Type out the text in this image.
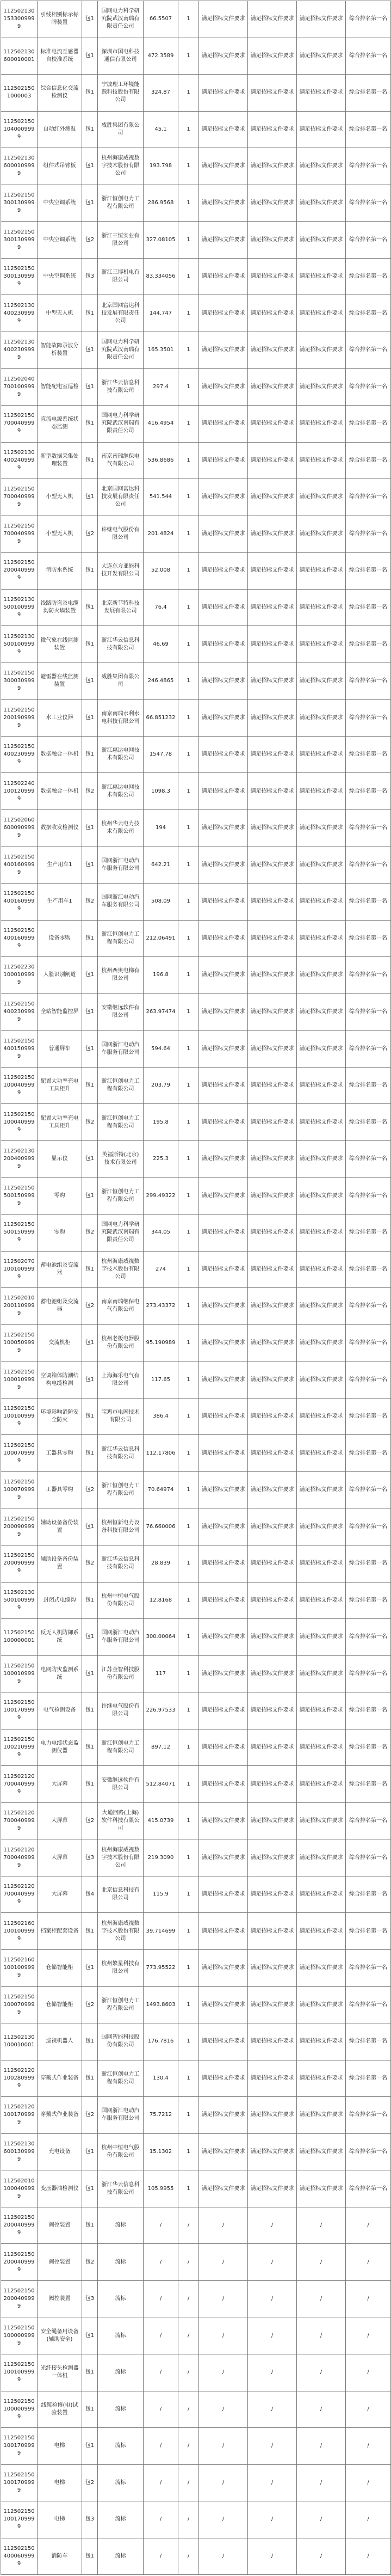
11250213015330​09999	引线相别标示标牌装置	包1	国网电力科学研究院武汉南瑞有限责任公司	66.5507	1	满足招标文件要求	满足招标文件要求	满足招标文件要求	综合排名第一名
11250213060001​0001	标准电流互感器自校准系统	包1	深圳市国电科技通信有限公司	472.3589	1	满足招标文件要求	满足招标文件要求	满足招标文件要求	综合排名第一名
11250215010000​03	综合信息化交流检测仪	包1	宁波理工环境能源科技股份有限公司	324.87	1	满足招标文件要求	满足招标文件要求	满足招标文件要求	综合排名第一名
11250215010400​09999	自动红外测温	包1	威胜集团有限公司	45.1	1	满足招标文件要求	满足招标文件要求	满足招标文件要求	综合排名第一名
11250213060001​09999	组件式吊臂板	包1	杭州海康威视数字技术股份有限公司	193.798	1	满足招标文件要求	满足招标文件要求	满足招标文件要求	综合排名第一名
11250215030013​09999	中央空调系统	包1	浙江恒创电力工程有限公司	286.9568	1	满足招标文件要求	满足招标文件要求	满足招标文件要求	综合排名第一名
11250215030013​09999	中央空调系统	包2	浙江三恒实业有限公司	327.08105	1	满足招标文件要求	满足招标文件要求	满足招标文件要求	综合排名第一名
11250215030013​09999	中央空调系统	包3	浙江三博机电有限公司	83.334056	1	满足招标文件要求	满足招标文件要求	满足招标文件要求	综合排名第一名
11250213040023​09999	中型无人机	包1	北京国网富达科技发展有限责任公司	144.747	1	满足招标文件要求	满足招标文件要求	满足招标文件要求	综合排名第一名
11250213040023​09999	智能故障录波分析装置	包1	国网电力科学研究院武汉南瑞有限责任公司	165.3501	1	满足招标文件要求	满足招标文件要求	满足招标文件要求	综合排名第一名
11250204070010​09999	智能配电室巡检	包1	浙江华云信息科技有限公司	297.4	1	满足招标文件要求	满足招标文件要求	满足招标文件要求	综合排名第一名
11250215070004​09999	直流电源系统状态监测	包1	国网电力科学研究院武汉南瑞有限责任公司	416.4954	1	满足招标文件要求	满足招标文件要求	满足招标文件要求	综合排名第一名
11250213040024​09999	新型数据采集处理装置	包1	南京南瑞继保电气有限公司	536.8686	1	满足招标文件要求	满足招标文件要求	满足招标文件要求	综合排名第一名
11250215070004​09999	小型无人机	包1	北京国网富达科技发展有限责任公司	541.544	1	满足招标文件要求	满足招标文件要求	满足招标文件要求	综合排名第一名
11250215070004​09999	小型无人机	包2	许继电气股份有限公司	201.4824	1	满足招标文件要求	满足招标文件要求	满足招标文件要求	综合排名第一名
11250215020004​09999	消防水系统	包1	大连东方亚能科技开发有限公司	52.008	1	满足招标文件要求	满足招标文件要求	满足招标文件要求	综合排名第一名
11250213050010​09999	线路防盗及电缆沟防火墙装置	包1	北京新菲特科技发展有限公司	76.4	1	满足招标文件要求	满足招标文件要求	满足招标文件要求	综合排名第一名
11250213050010​09999	微气象在线监测装置	包1	浙江华云信息科技有限公司	46.69	1	满足招标文件要求	满足招标文件要求	满足招标文件要求	综合排名第一名
11250215030003​09999	避雷器在线监测装置	包1	威胜集团有限公司	246.4865	1	满足招标文件要求	满足招标文件要求	满足招标文件要求	综合排名第一名
11250215020019​09999	水工业仪器	包1	南京南瑞水利水电科技有限公司	66.851232	1	满足招标文件要求	满足招标文件要求	满足招标文件要求	综合排名第一名
11250215040023​09999	数据融合一体机	包1	浙江惠达电网技术有限公司	1547.78	1	满足招标文件要求	满足招标文件要求	满足招标文件要求	综合排名第一名
11250224010012​09999	数据融合一体机	包2	浙江惠达电网技术有限公司	1098.3	1	满足招标文件要求	满足招标文件要求	满足招标文件要求	综合排名第一名
11250206060009​09999	数据收发检测仪	包1	杭州华云电力技术有限公司	194	1	满足招标文件要求	满足招标文件要求	满足招标文件要求	综合排名第一名
11250215040016​09999	生产用车1	包1	国网浙江电动汽车服务有限公司	642.21	1	满足招标文件要求	满足招标文件要求	满足招标文件要求	综合排名第一名
11250215040016​09999	生产用车1	包2	国网浙江电动汽车服务有限公司	508.09	1	满足招标文件要求	满足招标文件要求	满足招标文件要求	综合排名第一名
11250215040016​09999	设备零购	包1	浙江恒创电力工程有限公司	212.06491	1	满足招标文件要求	满足招标文件要求	满足招标文件要求	综合排名第一名
11250223010001​09999	人脸识别闸道	包1	杭州西奥电梯有限公司	196.8	1	满足招标文件要求	满足招标文件要求	满足招标文件要求	综合排名第一名
11250215040023​09999	全站智能监控屏	包1	安徽继远软件有限公司	263.97474	1	满足招标文件要求	满足招标文件要求	满足招标文件要求	综合排名第一名
11250215040015​09999	普通屏车	包1	国网浙江电动汽车服务有限公司	594.64	1	满足招标文件要求	满足招标文件要求	满足招标文件要求	综合排名第一名
11250215010004​09999	配置大功率充电工具柜升	包1	浙江恒创电力工程有限公司	203.79	1	满足招标文件要求	满足招标文件要求	满足招标文件要求	综合排名第一名
11250215010004​09999	配置大功率充电工具柜升	包2	浙江恒创电力工程有限公司	195.8	1	满足招标文件要求	满足招标文件要求	满足招标文件要求	综合排名第一名
11250213020040​09999	显示仪	包1	英福斯特(北京)技术有限公司	225.3	1	满足招标文件要求	满足招标文件要求	满足招标文件要求	综合排名第一名
11250215050015​09999	零购	包1	浙江恒创电力工程有限公司	299.49322	1	满足招标文件要求	满足招标文件要求	满足招标文件要求	综合排名第一名
11250215050015​09999	零购	包2	国网电力科学研究院武汉南瑞有限责任公司	344.05	1	满足招标文件要求	满足招标文件要求	满足招标文件要求	综合排名第一名
11250207010010​09999	蓄电池组及变流器	包1	杭州海康威视数字技术股份有限公司	274	1	满足招标文件要求	满足招标文件要求	满足招标文件要求	综合排名第一名
11250201020011​09999	蓄电池组及变流器	包2	南京南瑞继保电气有限公司	273.43372	1	满足招标文件要求	满足招标文件要求	满足招标文件要求	综合排名第一名
11250215010005​09999	交流机柜	包1	杭州老板电器股份有限公司	95.190989	1	满足招标文件要求	满足招标文件要求	满足招标文件要求	综合排名第一名
11250215010001​09999	空调箱体防潮结构电缆检测	包1	上海海乐电气有限公司	117.65	1	满足招标文件要求	满足招标文件要求	满足招标文件要求	综合排名第一名
11250215010010​09999	环境影响消防安全防火	包1	宝鸡市电网技术有限公司	386.4	1	满足招标文件要求	满足招标文件要求	满足招标文件要求	综合排名第一名
11250215010007​09999	工器具零购	包1	浙江华云信息科技有限公司	112.17806	1	满足招标文件要求	满足招标文件要求	满足招标文件要求	综合排名第一名
11250215010007​09999	工器具零购	包2	浙江恒创电力工程有限公司	70.64974	1	满足招标文件要求	满足招标文件要求	满足招标文件要求	综合排名第一名
11250215020009​09999	辅助设备备份装置	包1	杭州恒新电力设备科技有限公司	76.660006	1	满足招标文件要求	满足招标文件要求	满足招标文件要求	综合排名第一名
11250215020009​09999	辅助设备备份装置	包2	浙江华云信息科技有限公司	28.839	1	满足招标文件要求	满足招标文件要求	满足招标文件要求	综合排名第一名
11250213050010​09999	封闭式电缆沟	包1	杭州中恒电气股份有限公司	12.8168	1	满足招标文件要求	满足招标文件要求	满足招标文件要求	综合排名第一名
11250215010000​0001	反无人机防御系统	包1	国网浙江电动汽车服务有限公司	300.00064	1	满足招标文件要求	满足招标文件要求	满足招标文件要求	综合排名第一名
11250215010001​09999	电网防灾监测系统	包1	江苏金智科技股份有限公司	117	1	满足招标文件要求	满足招标文件要求	满足招标文件要求	综合排名第一名
11250215010017​09999	电气检测设备	包1	许继电气股份有限公司	226.97533	1	满足招标文件要求	满足招标文件要求	满足招标文件要求	综合排名第一名
11250215010021​09999	电力电缆状态监测仪器	包1	浙江恒创电力工程有限公司	897.12	1	满足招标文件要求	满足招标文件要求	满足招标文件要求	综合排名第一名
11250212070004​09999	大屏幕	包1	安徽继远软件有限公司	512.84071	1	满足招标文件要求	满足招标文件要求	满足招标文件要求	综合排名第一名
11250212070004​09999	大屏幕	包2	大通回路(上海)软件科技有限公司	415.0739	1	满足招标文件要求	满足招标文件要求	满足招标文件要求	综合排名第一名
11250212070004​09999	大屏幕	包3	杭州海康威视数字技术股份有限公司	219.3090	1	满足招标文件要求	满足招标文件要求	满足招标文件要求	综合排名第一名
11250212070004​09999	大屏幕	包4	北京信息科技有限公司	115.9	1	满足招标文件要求	满足招标文件要求	满足招标文件要求	综合排名第一名
11250216010010​09999	档案柜配套设备	包1	杭州海康威视数字技术股份有限公司	39.714699	1	满足招标文件要求	满足招标文件要求	满足招标文件要求	综合排名第一名
11250216010010​09999	仓储智能柜	包1	杭州繁星科技有限公司	773.95522	1	满足招标文件要求	满足招标文件要求	满足招标文件要求	综合排名第一名
11250215010007​09999	仓储智能柜	包2	浙江恒创电力工程有限公司	1493.8603	1	满足招标文件要求	满足招标文件要求	满足招标文件要求	综合排名第一名
11250213010001​0001	巡视机器人	包1	国网智能科技股份有限公司	176.7816	1	满足招标文件要求	满足招标文件要求	满足招标文件要求	综合排名第一名
11250212010028​09999	穿戴式作业装备	包1	浙江恒创电力工程有限公司	130.4	1	满足招标文件要求	满足招标文件要求	满足招标文件要求	综合排名第一名
11250212010017​09999	穿戴式作业装备	包2	国网浙江电动汽车服务有限公司	75.7212	1	满足招标文件要求	满足招标文件要求	满足招标文件要求	综合排名第一名
11250213060013​09999	充电设备	包1	杭州中恒电气股份有限公司	15.1302	1	满足招标文件要求	满足招标文件要求	满足招标文件要求	综合排名第一名
11250201010004​09999	变压器油检测仪	包1	浙江华云信息科技有限公司	105.9955	1	满足招标文件要求	满足招标文件要求	满足招标文件要求	综合排名第一名
11250215020004​09999	阀控装置	包1	流标	/	/	/	/	/	/
11250215020004​09999	阀控装置	包2	流标	/	/	/	/	/	/
11250215020004​09999	阀控装置	包3	流标	/	/	/	/	/	/
11250215010000​09999	安全绳备用设备(辅助安全)	包1	流标	/	/	/	/	/	/
11250215010010​09999	光纤接头检测器一体机	包1	流标	/	/	/	/	/	/
11250215010000​09999	线缆检修(电)试验装置	包1	流标	/	/	/	/	/	/
11250215010017​09999	电梯	包1	流标	/	/	/	/	/	/
11250215010017​09999	电梯	包2	流标	/	/	/	/	/	/
11250215010017​09999	电梯	包3	流标	/	/	/	/	/	/
11250215040006​09999	消防车	包1	流标	/	/	/	/	/	/
